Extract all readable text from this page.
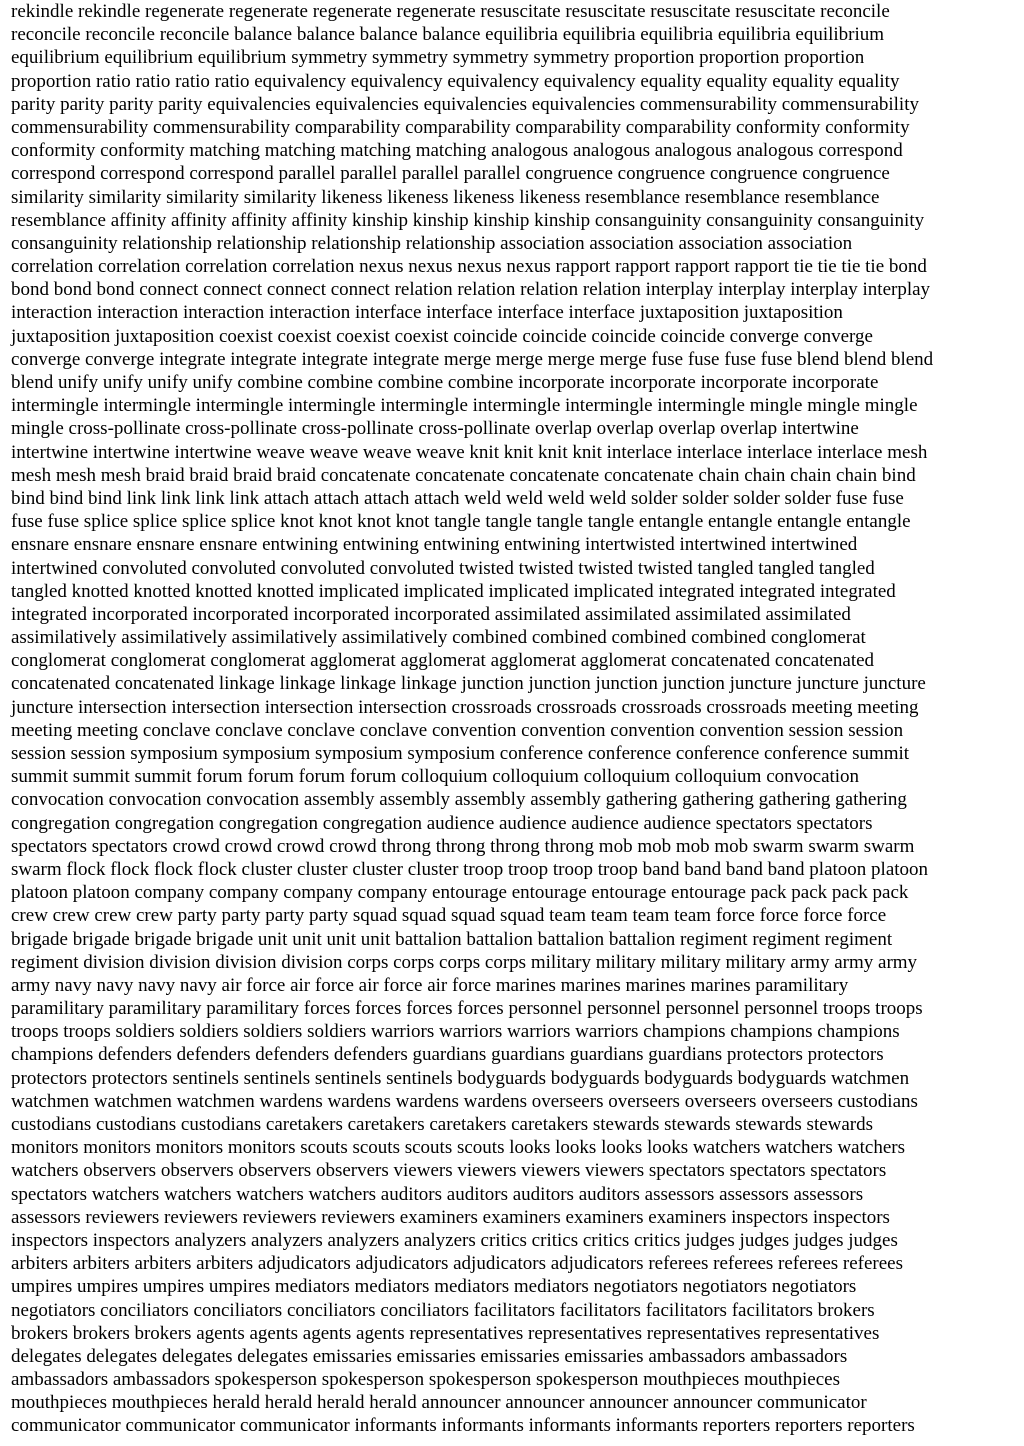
rekindle rekindle regenerate regenerate regenerate regenerate resuscitate resuscitate resuscitate resuscitate reconcile
reconcile reconcile reconcile balance balance balance balance equilibria equilibria equilibria equilibria equilibrium
equilibrium equilibrium equilibrium symmetry symmetry symmetry symmetry proportion proportion proportion
proportion ratio ratio ratio ratio equivalency equivalency equivalency equivalency equality equality equality equality
parity parity parity parity equivalencies equivalencies equivalencies equivalencies commensurability commensurability
commensurability commensurability comparability comparability comparability comparability conformity conformity
conformity conformity matching matching matching matching analogous analogous analogous analogous correspond
correspond correspond correspond parallel parallel parallel parallel congruence congruence congruence congruence
similarity similarity similarity similarity likeness likeness likeness likeness resemblance resemblance resemblance
resemblance affinity affinity affinity affinity kinship kinship kinship kinship consanguinity consanguinity consanguinity
consanguinity relationship relationship relationship relationship association association association association
correlation correlation correlation correlation nexus nexus nexus nexus rapport rapport rapport rapport tie tie tie tie bond
bond bond bond connect connect connect connect relation relation relation relation interplay interplay interplay interplay
interaction interaction interaction interaction interface interface interface interface juxtaposition juxtaposition
juxtaposition juxtaposition coexist coexist coexist coexist coincide coincide coincide coincide converge converge
converge converge integrate integrate integrate integrate merge merge merge merge fuse fuse fuse fuse blend blend blend
blend unify unify unify unify combine combine combine combine incorporate incorporate incorporate incorporate
intermingle intermingle intermingle intermingle intermingle intermingle intermingle intermingle mingle mingle mingle
mingle cross-pollinate cross-pollinate cross-pollinate cross-pollinate overlap overlap overlap overlap intertwine
intertwine intertwine intertwine weave weave weave weave knit knit knit knit interlace interlace interlace interlace mesh
mesh mesh mesh braid braid braid braid concatenate concatenate concatenate concatenate chain chain chain chain bind
bind bind bind link link link link attach attach attach attach weld weld weld weld solder solder solder solder fuse fuse
fuse fuse splice splice splice splice knot knot knot knot tangle tangle tangle tangle entangle entangle entangle entangle
ensnare ensnare ensnare ensnare entwining entwining entwining entwining intertwisted intertwined intertwined
intertwined convoluted convoluted convoluted convoluted twisted twisted twisted twisted tangled tangled tangled
tangled knotted knotted knotted knotted implicated implicated implicated implicated integrated integrated integrated
integrated incorporated incorporated incorporated incorporated assimilated assimilated assimilated assimilated
assimilatively assimilatively assimilatively assimilatively combined combined combined combined conglomerat
conglomerat conglomerat conglomerat agglomerat agglomerat agglomerat agglomerat concatenated concatenated
concatenated concatenated linkage linkage linkage linkage junction junction junction junction juncture juncture juncture
juncture intersection intersection intersection intersection crossroads crossroads crossroads crossroads meeting meeting
meeting meeting conclave conclave conclave conclave convention convention convention convention session session
session session symposium symposium symposium symposium conference conference conference conference summit
summit summit summit forum forum forum forum colloquium colloquium colloquium colloquium convocation
convocation convocation convocation assembly assembly assembly assembly gathering gathering gathering gathering
congregation congregation congregation congregation audience audience audience audience spectators spectators
spectators spectators crowd crowd crowd crowd throng throng throng throng mob mob mob mob swarm swarm swarm
swarm flock flock flock flock cluster cluster cluster cluster troop troop troop troop band band band band platoon platoon
platoon platoon company company company company entourage entourage entourage entourage pack pack pack pack
crew crew crew crew party party party party squad squad squad squad team team team team force force force force
brigade brigade brigade brigade unit unit unit unit battalion battalion battalion battalion regiment regiment regiment
regiment division division division division corps corps corps corps military military military military army army army
army navy navy navy navy air force air force air force air force marines marines marines marines paramilitary
paramilitary paramilitary paramilitary forces forces forces forces personnel personnel personnel personnel troops troops
troops troops soldiers soldiers soldiers soldiers warriors warriors warriors warriors champions champions champions
champions defenders defenders defenders defenders guardians guardians guardians guardians protectors protectors
protectors protectors sentinels sentinels sentinels sentinels bodyguards bodyguards bodyguards bodyguards watchmen
watchmen watchmen watchmen wardens wardens wardens wardens overseers overseers overseers overseers custodians
custodians custodians custodians caretakers caretakers caretakers caretakers stewards stewards stewards stewards
monitors monitors monitors monitors scouts scouts scouts scouts looks looks looks looks watchers watchers watchers
watchers observers observers observers observers viewers viewers viewers viewers spectators spectators spectators
spectators watchers watchers watchers watchers auditors auditors auditors auditors assessors assessors assessors
assessors reviewers reviewers reviewers reviewers examiners examiners examiners examiners inspectors inspectors
inspectors inspectors analyzers analyzers analyzers analyzers critics critics critics critics judges judges judges judges
arbiters arbiters arbiters arbiters adjudicators adjudicators adjudicators adjudicators referees referees referees referees
umpires umpires umpires umpires mediators mediators mediators mediators negotiators negotiators negotiators
negotiators conciliators conciliators conciliators conciliators facilitators facilitators facilitators facilitators brokers
brokers brokers brokers agents agents agents agents representatives representatives representatives representatives
delegates delegates delegates delegates emissaries emissaries emissaries emissaries ambassadors ambassadors
ambassadors ambassadors spokesperson spokesperson spokesperson spokesperson mouthpieces mouthpieces
mouthpieces mouthpieces herald herald herald herald announcer announcer announcer announcer communicator
communicator communicator communicator informants informants informants informants reporters reporters reporters
